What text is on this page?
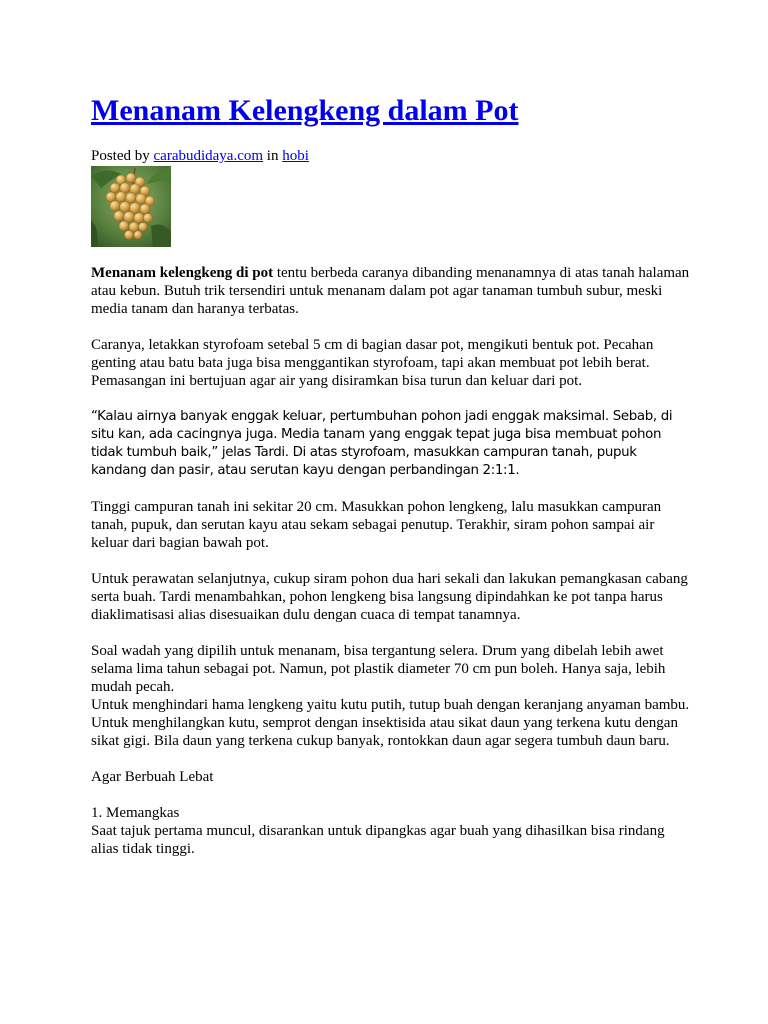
Menanam Kelengkeng dalam Pot
Posted by carabudidaya.com in hobi

Menanam kelengkeng di pot tentu berbeda caranya dibanding menanamnya di atas tanah halaman atau kebun. Butuh trik tersendiri untuk menanam dalam pot agar tanaman tumbuh subur, meski media tanam dan haranya terbatas.

Caranya, letakkan styrofoam setebal 5 cm di bagian dasar pot, mengikuti bentuk pot. Pecahan genting atau batu bata juga bisa menggantikan styrofoam, tapi akan membuat pot lebih berat. Pemasangan ini bertujuan agar air yang disiramkan bisa turun dan keluar dari pot.

“Kalau airnya banyak enggak keluar, pertumbuhan pohon jadi enggak maksimal. Sebab, di situ kan, ada cacingnya juga. Media tanam yang enggak tepat juga bisa membuat pohon tidak tumbuh baik,” jelas Tardi. Di atas styrofoam, masukkan campuran tanah, pupuk kandang dan pasir, atau serutan kayu dengan perbandingan 2:1:1.

Tinggi campuran tanah ini sekitar 20 cm. Masukkan pohon lengkeng, lalu masukkan campuran tanah, pupuk, dan serutan kayu atau sekam sebagai penutup. Terakhir, siram pohon sampai air keluar dari bagian bawah pot.

Untuk perawatan selanjutnya, cukup siram pohon dua hari sekali dan lakukan pemangkasan cabang serta buah. Tardi menambahkan, pohon lengkeng bisa langsung dipindahkan ke pot tanpa harus diaklimatisasi alias disesuaikan dulu dengan cuaca di tempat tanamnya.

Soal wadah yang dipilih untuk menanam, bisa tergantung selera. Drum yang dibelah lebih awet selama lima tahun sebagai pot. Namun, pot plastik diameter 70 cm pun boleh. Hanya saja, lebih mudah pecah.

Untuk menghindari hama lengkeng yaitu kutu putih, tutup buah dengan keranjang anyaman bambu. Untuk menghilangkan kutu, semprot dengan insektisida atau sikat daun yang terkena kutu dengan sikat gigi. Bila daun yang terkena cukup banyak, rontokkan daun agar segera tumbuh daun baru.

Agar Berbuah Lebat

1. Memangkas

Saat tajuk pertama muncul, disarankan untuk dipangkas agar buah yang dihasilkan bisa rindang alias tidak tinggi.
